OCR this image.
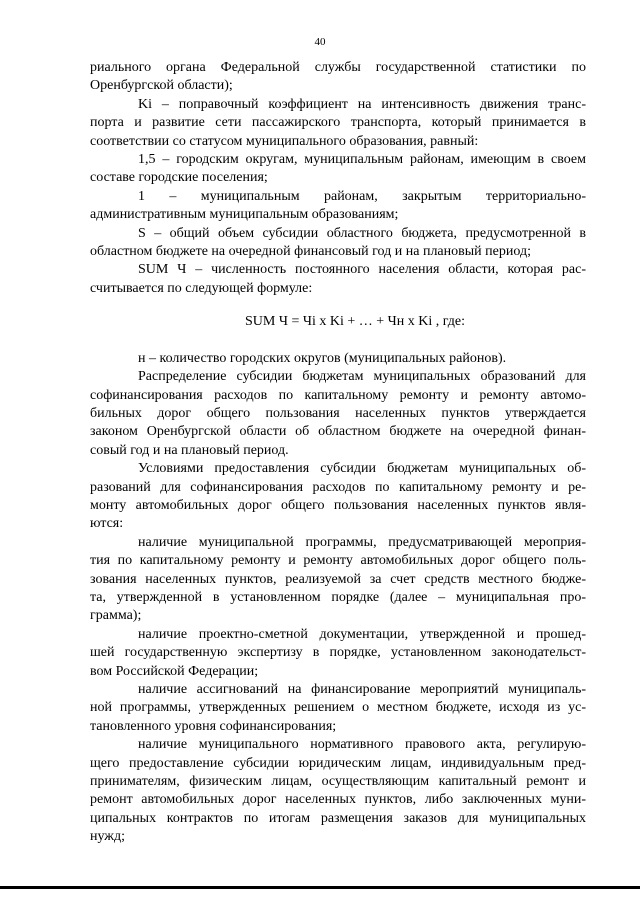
40
риального органа Федеральной службы государственной статистики по
Оренбургской области);
Ki – поправочный коэффициент на интенсивность движения транс-
порта и развитие сети пассажирского транспорта, который принимается в
соответствии со статусом муниципального образования, равный:
1,5 – городским округам, муниципальным районам, имеющим в своем
составе городские поселения;
1 – муниципальным районам, закрытым территориально-
административным муниципальным образованиям;
S – общий объем субсидии областного бюджета, предусмотренной в
областном бюджете на очередной финансовый год и на плановый период;
SUM Ч – численность постоянного населения области, которая рас-
считывается по следующей формуле:
SUM Ч = Чi x Ki + … + Чн x Ki , где:
н – количество городских округов (муниципальных районов).
Распределение субсидии бюджетам муниципальных образований для
софинансирования расходов по капитальному ремонту и ремонту автомо-
бильных дорог общего пользования населенных пунктов утверждается
законом Оренбургской области об областном бюджете на очередной финан-
совый год и на плановый период.
Условиями предоставления субсидии бюджетам муниципальных об-
разований для софинансирования расходов по капитальному ремонту и ре-
монту автомобильных дорог общего пользования населенных пунктов явля-
ются:
наличие муниципальной программы, предусматривающей мероприя-
тия по капитальному ремонту и ремонту автомобильных дорог общего поль-
зования населенных пунктов, реализуемой за счет средств местного бюдже-
та, утвержденной в установленном порядке (далее – муниципальная про-
грамма);
наличие проектно-сметной документации, утвержденной и прошед-
шей государственную экспертизу в порядке, установленном законодательст-
вом Российской Федерации;
наличие ассигнований на финансирование мероприятий муниципаль-
ной программы, утвержденных решением о местном бюджете, исходя из ус-
тановленного уровня софинансирования;
наличие муниципального нормативного правового акта, регулирую-
щего предоставление субсидии юридическим лицам, индивидуальным пред-
принимателям, физическим лицам, осуществляющим капитальный ремонт и
ремонт автомобильных дорог населенных пунктов, либо заключенных муни-
ципальных контрактов по итогам размещения заказов для муниципальных
нужд;
